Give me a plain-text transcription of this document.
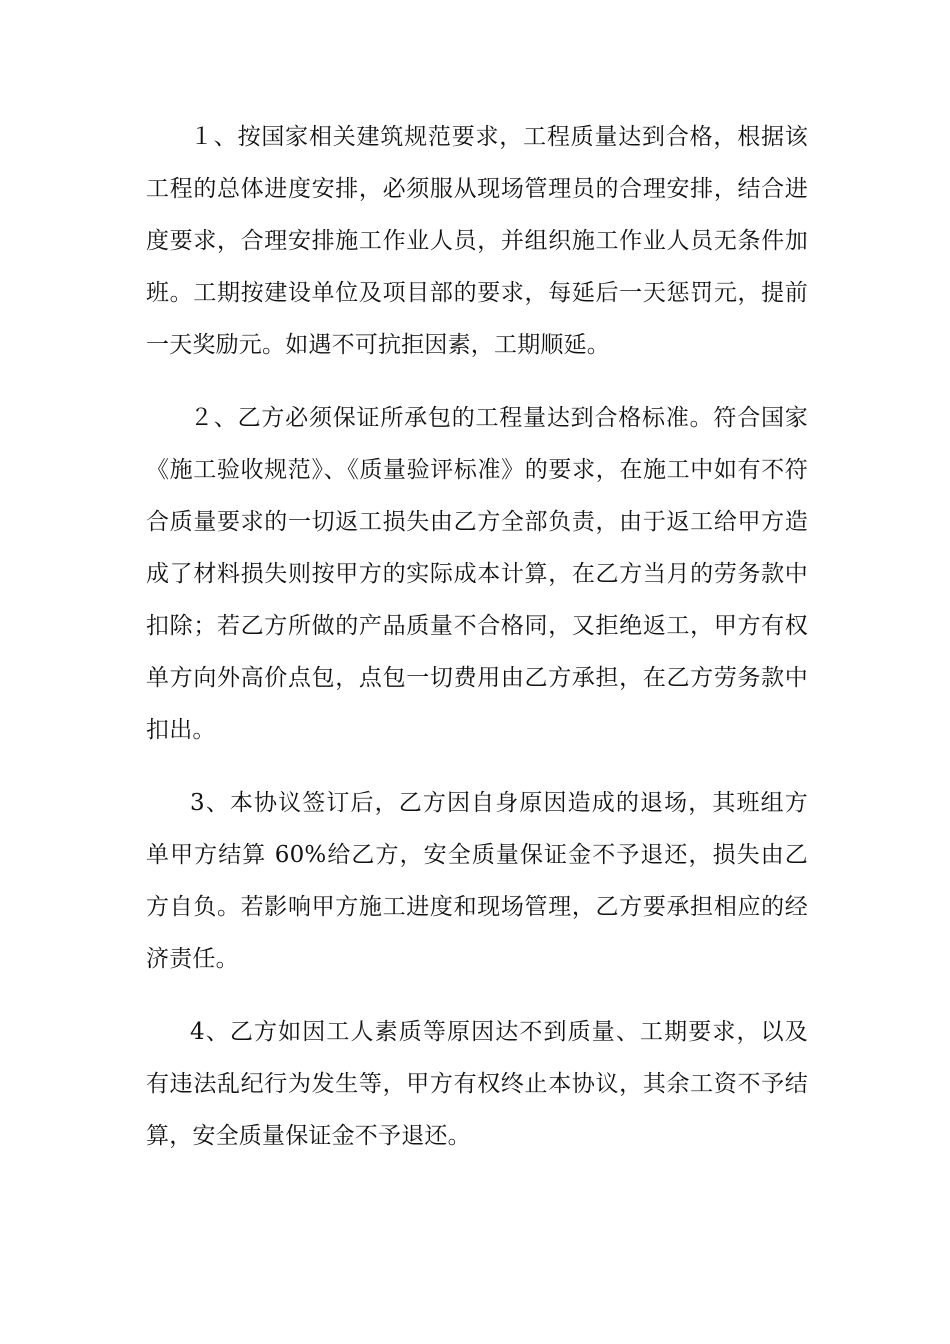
１、按国家相关建筑规范要求，工程质量达到合格，根据该工程的总体进度安排，必须服从现场管理员的合理安排，结合进度要求，合理安排施工作业人员，并组织施工作业人员无条件加班。工期按建设单位及项目部的要求，每延后一天惩罚元，提前一天奖励元。如遇不可抗拒因素，工期顺延。

２、乙方必须保证所承包的工程量达到合格标准。符合国家《施工验收规范》、《质量验评标准》的要求，在施工中如有不符合质量要求的一切返工损失由乙方全部负责，由于返工给甲方造成了材料损失则按甲方的实际成本计算，在乙方当月的劳务款中扣除；若乙方所做的产品质量不合格同，又拒绝返工，甲方有权单方向外高价点包，点包一切费用由乙方承担，在乙方劳务款中扣出。

3、本协议签订后，乙方因自身原因造成的退场，其班组方单甲方结算 60%给乙方，安全质量保证金不予退还，损失由乙方自负。若影响甲方施工进度和现场管理，乙方要承担相应的经济责任。

4、乙方如因工人素质等原因达不到质量、工期要求，以及有违法乱纪行为发生等，甲方有权终止本协议，其余工资不予结算，安全质量保证金不予退还。
